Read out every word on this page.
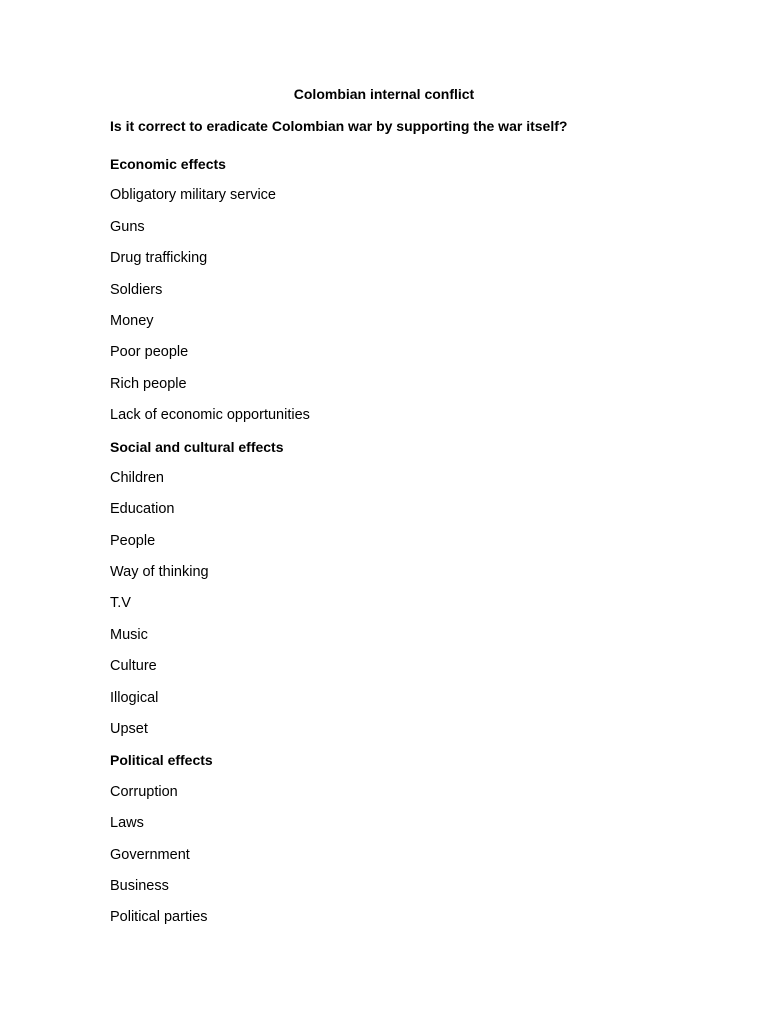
Colombian internal conflict
Is it correct to eradicate Colombian war by supporting the war itself?
Economic effects
Obligatory military service
Guns
Drug trafficking
Soldiers
Money
Poor people
Rich people
Lack of economic opportunities
Social and cultural effects
Children
Education
People
Way of thinking
T.V
Music
Culture
Illogical
Upset
Political effects
Corruption
Laws
Government
Business
Political parties
